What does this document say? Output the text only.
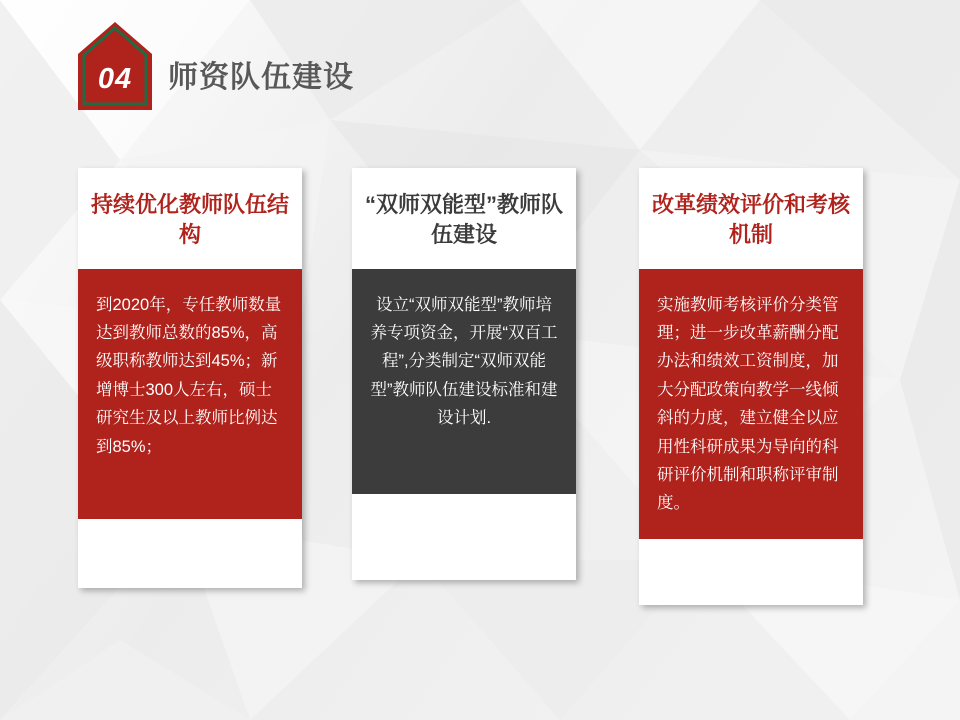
04	师资队伍建设
持续优化教师队伍结构
到2020年，专任教师数量达到教师总数的85%，高级职称教师达到45%；新增博士300人左右，硕士研究生及以上教师比例达到85%；
“双师双能型”教师队伍建设
设立“双师双能型”教师培养专项资金，开展“双百工程”,分类制定“双师双能型”教师队伍建设标准和建设计划.
改革绩效评价和考核机制
实施教师考核评价分类管理；进一步改革薪酬分配办法和绩效工资制度，加大分配政策向教学一线倾斜的力度，建立健全以应用性科研成果为导向的科研评价机制和职称评审制度。
